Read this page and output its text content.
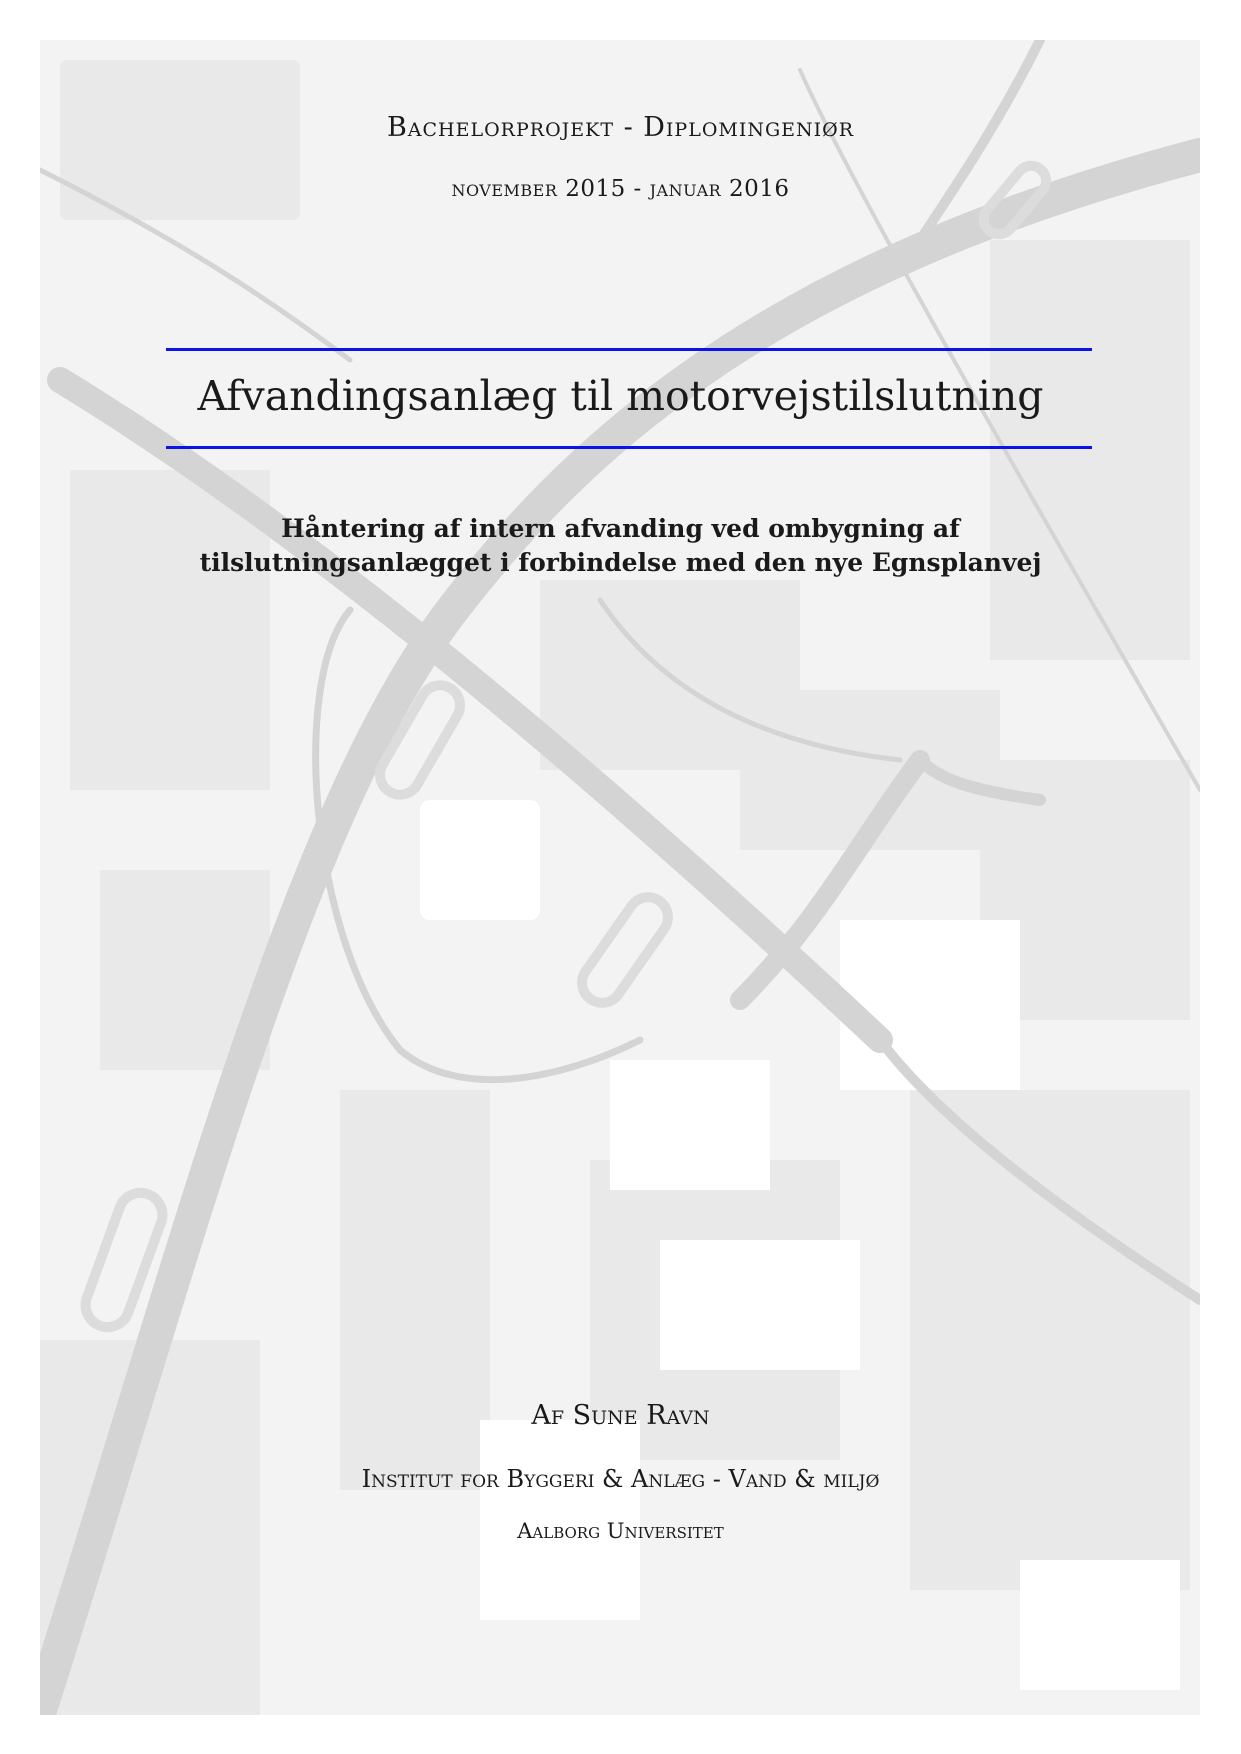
Bachelorprojekt - Diplomingeniør
november 2015 - januar 2016
Afvandingsanlæg til motorvejstilslutning
Håntering af intern afvanding ved ombygning af
tilslutningsanlægget i forbindelse med den nye Egnsplanvej
Af Sune Ravn
Institut for Byggeri & Anlæg - Vand & miljø
Aalborg Universitet
